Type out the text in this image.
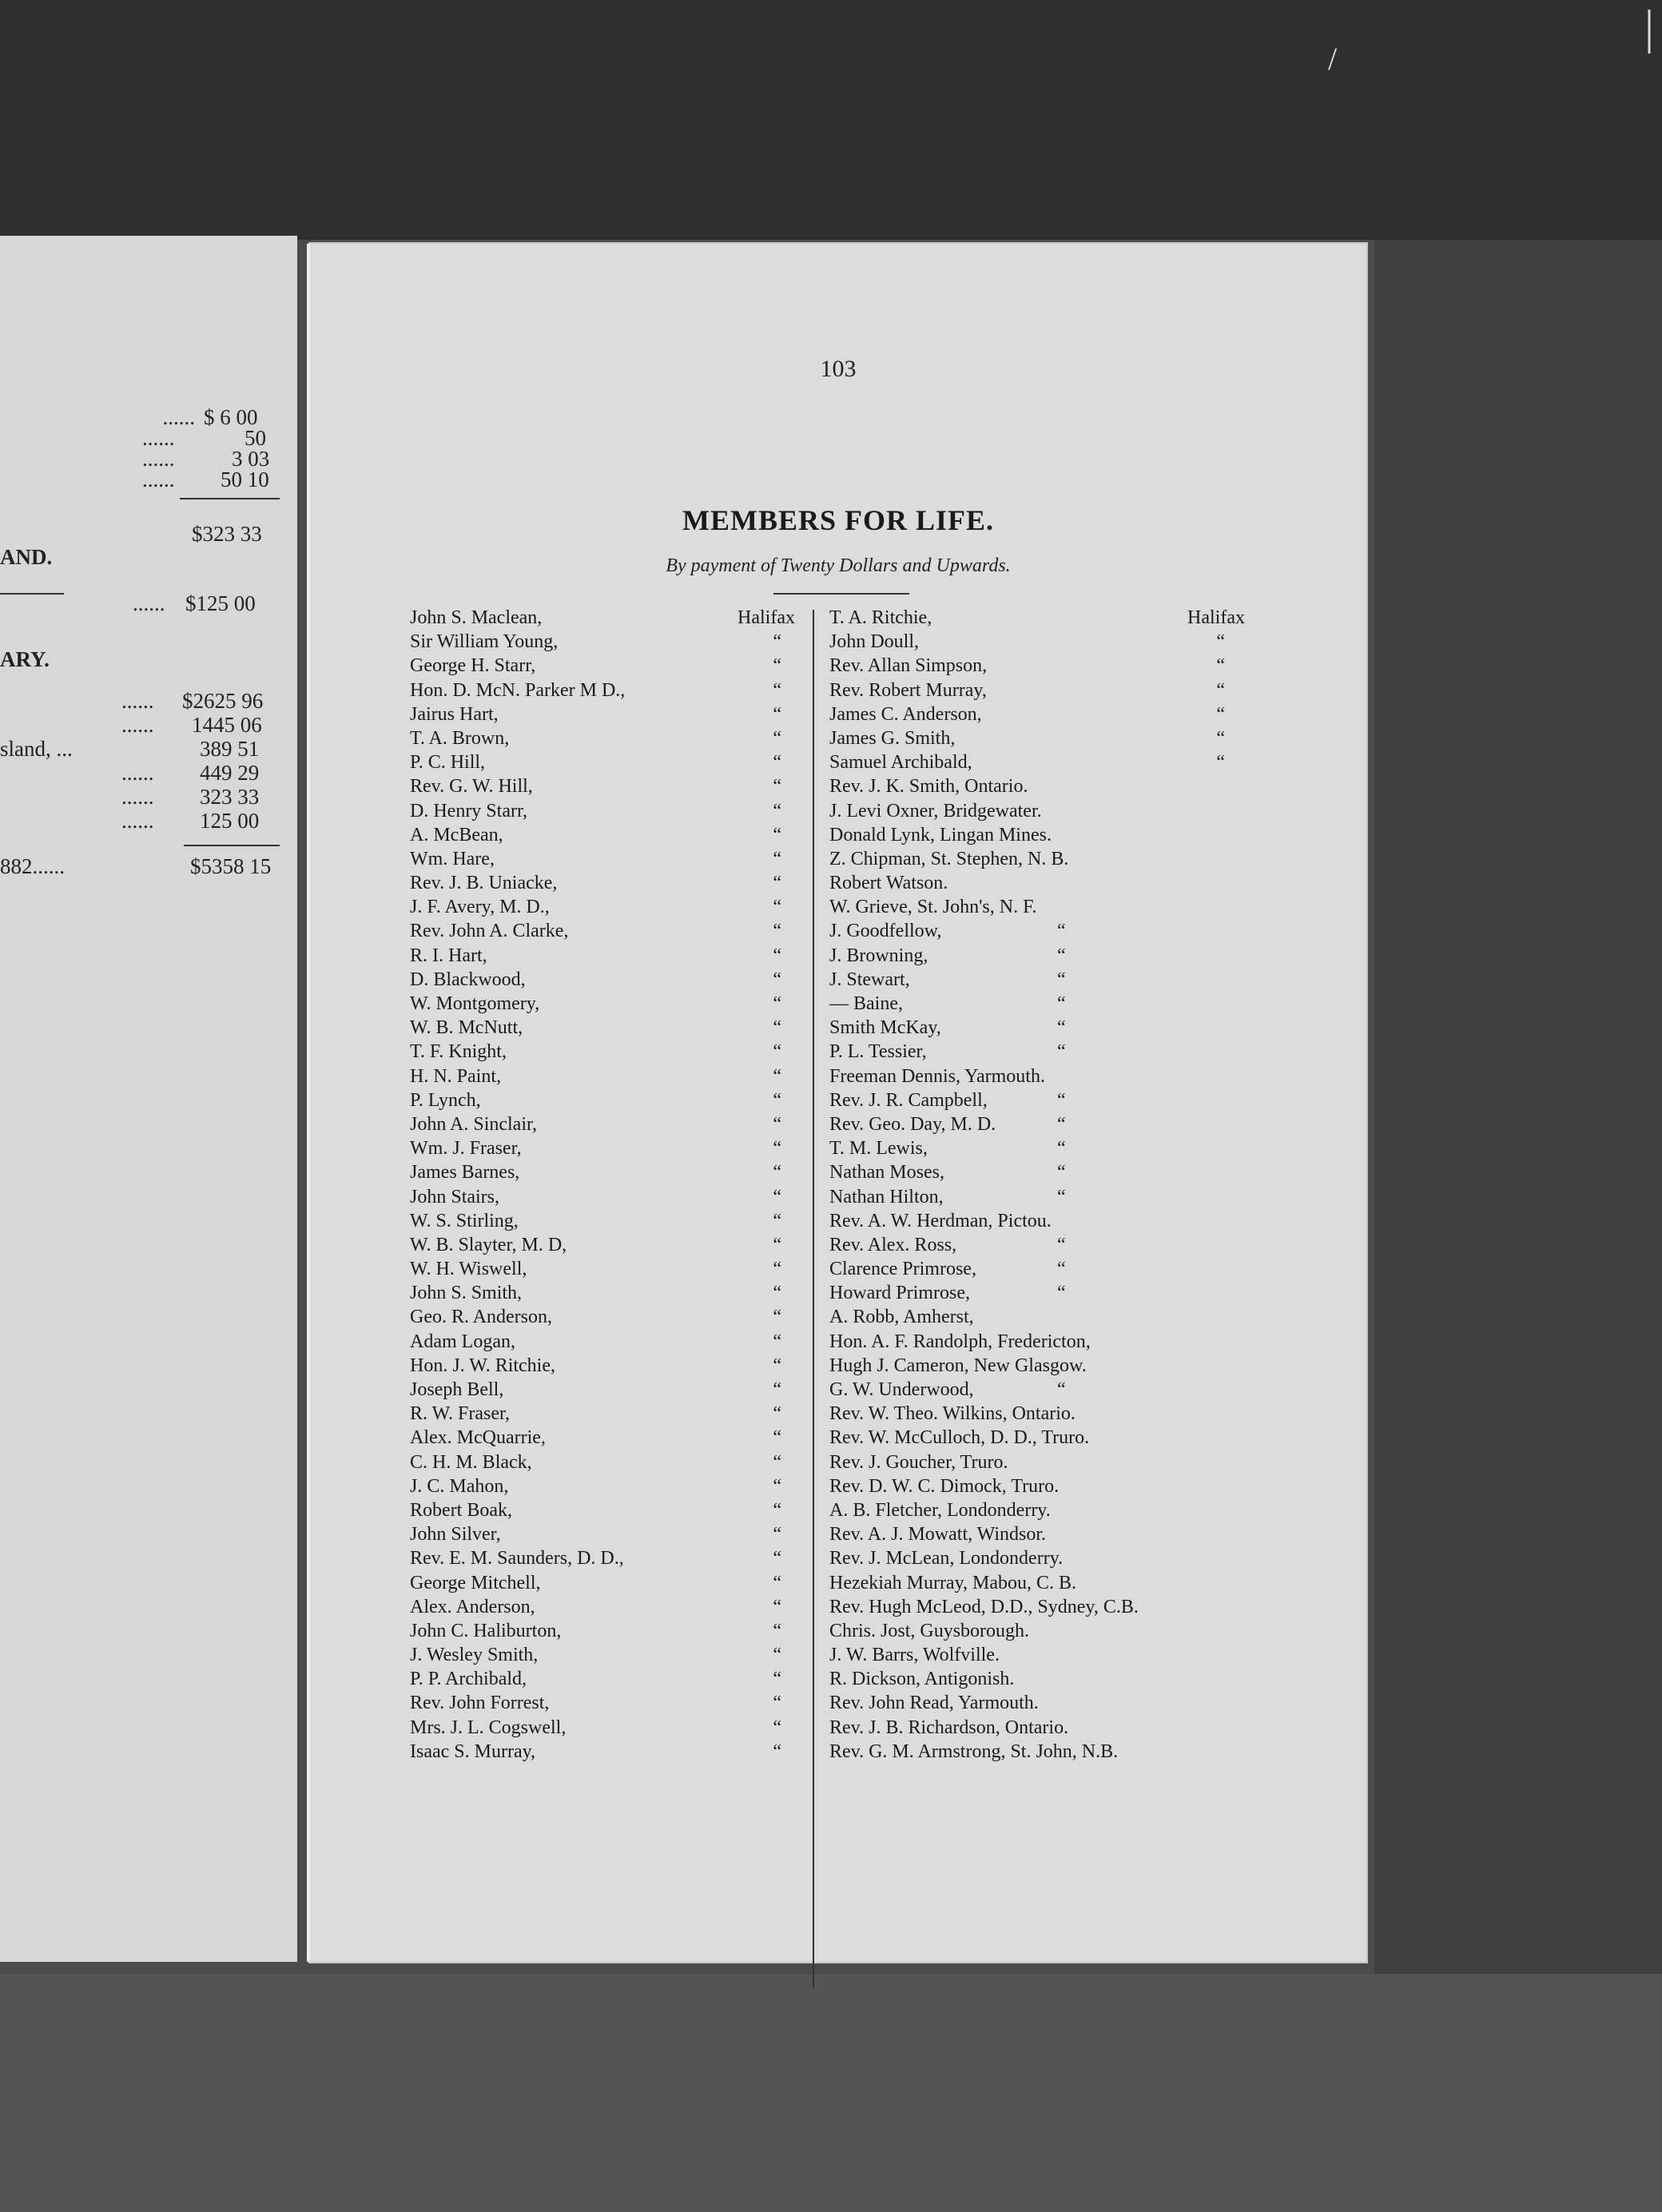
/
|
...... $ 6 00
......	50
......	3 03
...... 50 10
$323 33
AND.
...... $125 00
ARY.
...... $2625 96
...... 1445 06
sland, ...	389 51
...... 449 29
...... 323 33
...... 125 00
882......	$5358 15
103
MEMBERS FOR LIFE.
By payment of Twenty Dollars and Upwards.
John S. Maclean,	Halifax
Sir William Young,	“
George H. Starr,	“
Hon. D. McN. Parker M D.,	“
Jairus Hart,	“
T. A. Brown,	“
P. C. Hill,	“
Rev. G. W. Hill,	“
D. Henry Starr,	“
A. McBean,	“
Wm. Hare,	“
Rev. J. B. Uniacke,	“
J. F. Avery, M. D.,	“
Rev. John A. Clarke,	“
R. I. Hart,	“
D. Blackwood,	“
W. Montgomery,	“
W. B. McNutt,	“
T. F. Knight,	“
H. N. Paint,	“
P. Lynch,	“
John A. Sinclair,	“
Wm. J. Fraser,	“
James Barnes,	“
John Stairs,	“
W. S. Stirling,	“
W. B. Slayter, M. D,	“
W. H. Wiswell,	“
John S. Smith,	“
Geo. R. Anderson,	“
Adam Logan,	“
Hon. J. W. Ritchie,	“
Joseph Bell,	“
R. W. Fraser,	“
Alex. McQuarrie,	“
C. H. M. Black,	“
J. C. Mahon,	“
Robert Boak,	“
John Silver,	“
Rev. E. M. Saunders, D. D.,	“
George Mitchell,	“
Alex. Anderson,	“
John C. Haliburton,	“
J. Wesley Smith,	“
P. P. Archibald,	“
Rev. John Forrest,	“
Mrs. J. L. Cogswell,	“
Isaac S. Murray,	“
T. A. Ritchie,	Halifax
John Doull,	“
Rev. Allan Simpson,	“
Rev. Robert Murray,	“
James C. Anderson,	“
James G. Smith,	“
Samuel Archibald,	“
Rev. J. K. Smith, Ontario.
J. Levi Oxner, Bridgewater.
Donald Lynk, Lingan Mines.
Z. Chipman, St. Stephen, N. B.
Robert Watson.
W. Grieve, St. John's, N. F.
J. Goodfellow,	“
J. Browning,	“
J. Stewart,	“
— Baine,	“
Smith McKay,	“
P. L. Tessier,	“
Freeman Dennis, Yarmouth.
Rev. J. R. Campbell,	“
Rev. Geo. Day, M. D.	“
T. M. Lewis,	“
Nathan Moses,	“
Nathan Hilton,	“
Rev. A. W. Herdman, Pictou.
Rev. Alex. Ross,	“
Clarence Primrose,	“
Howard Primrose,	“
A. Robb, Amherst,
Hon. A. F. Randolph, Fredericton,
Hugh J. Cameron, New Glasgow.
G. W. Underwood,	“
Rev. W. Theo. Wilkins, Ontario.
Rev. W. McCulloch, D. D., Truro.
Rev. J. Goucher, Truro.
Rev. D. W. C. Dimock, Truro.
A. B. Fletcher, Londonderry.
Rev. A. J. Mowatt, Windsor.
Rev. J. McLean, Londonderry.
Hezekiah Murray, Mabou, C. B.
Rev. Hugh McLeod, D.D., Sydney, C.B.
Chris. Jost, Guysborough.
J. W. Barrs, Wolfville.
R. Dickson, Antigonish.
Rev. John Read, Yarmouth.
Rev. J. B. Richardson, Ontario.
Rev. G. M. Armstrong, St. John, N.B.
